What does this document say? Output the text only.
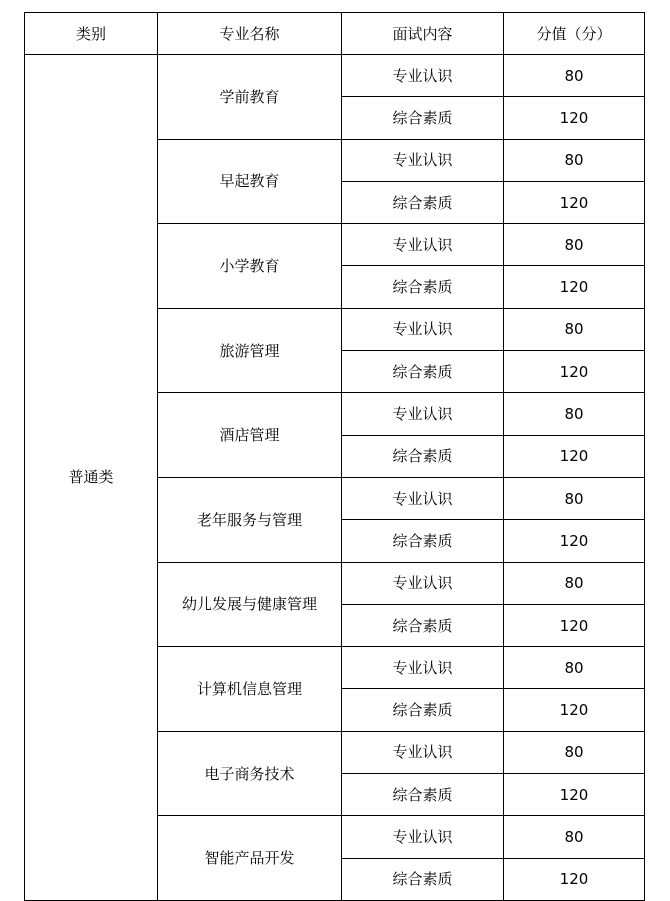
类别	专业名称	面试内容	分值（分）
普通类	学前教育	专业认识	80
		综合素质	120
	早起教育	专业认识	80
		综合素质	120
	小学教育	专业认识	80
		综合素质	120
	旅游管理	专业认识	80
		综合素质	120
	酒店管理	专业认识	80
		综合素质	120
	老年服务与管理	专业认识	80
		综合素质	120
	幼儿发展与健康管理	专业认识	80
		综合素质	120
	计算机信息管理	专业认识	80
		综合素质	120
	电子商务技术	专业认识	80
		综合素质	120
	智能产品开发	专业认识	80
		综合素质	120
